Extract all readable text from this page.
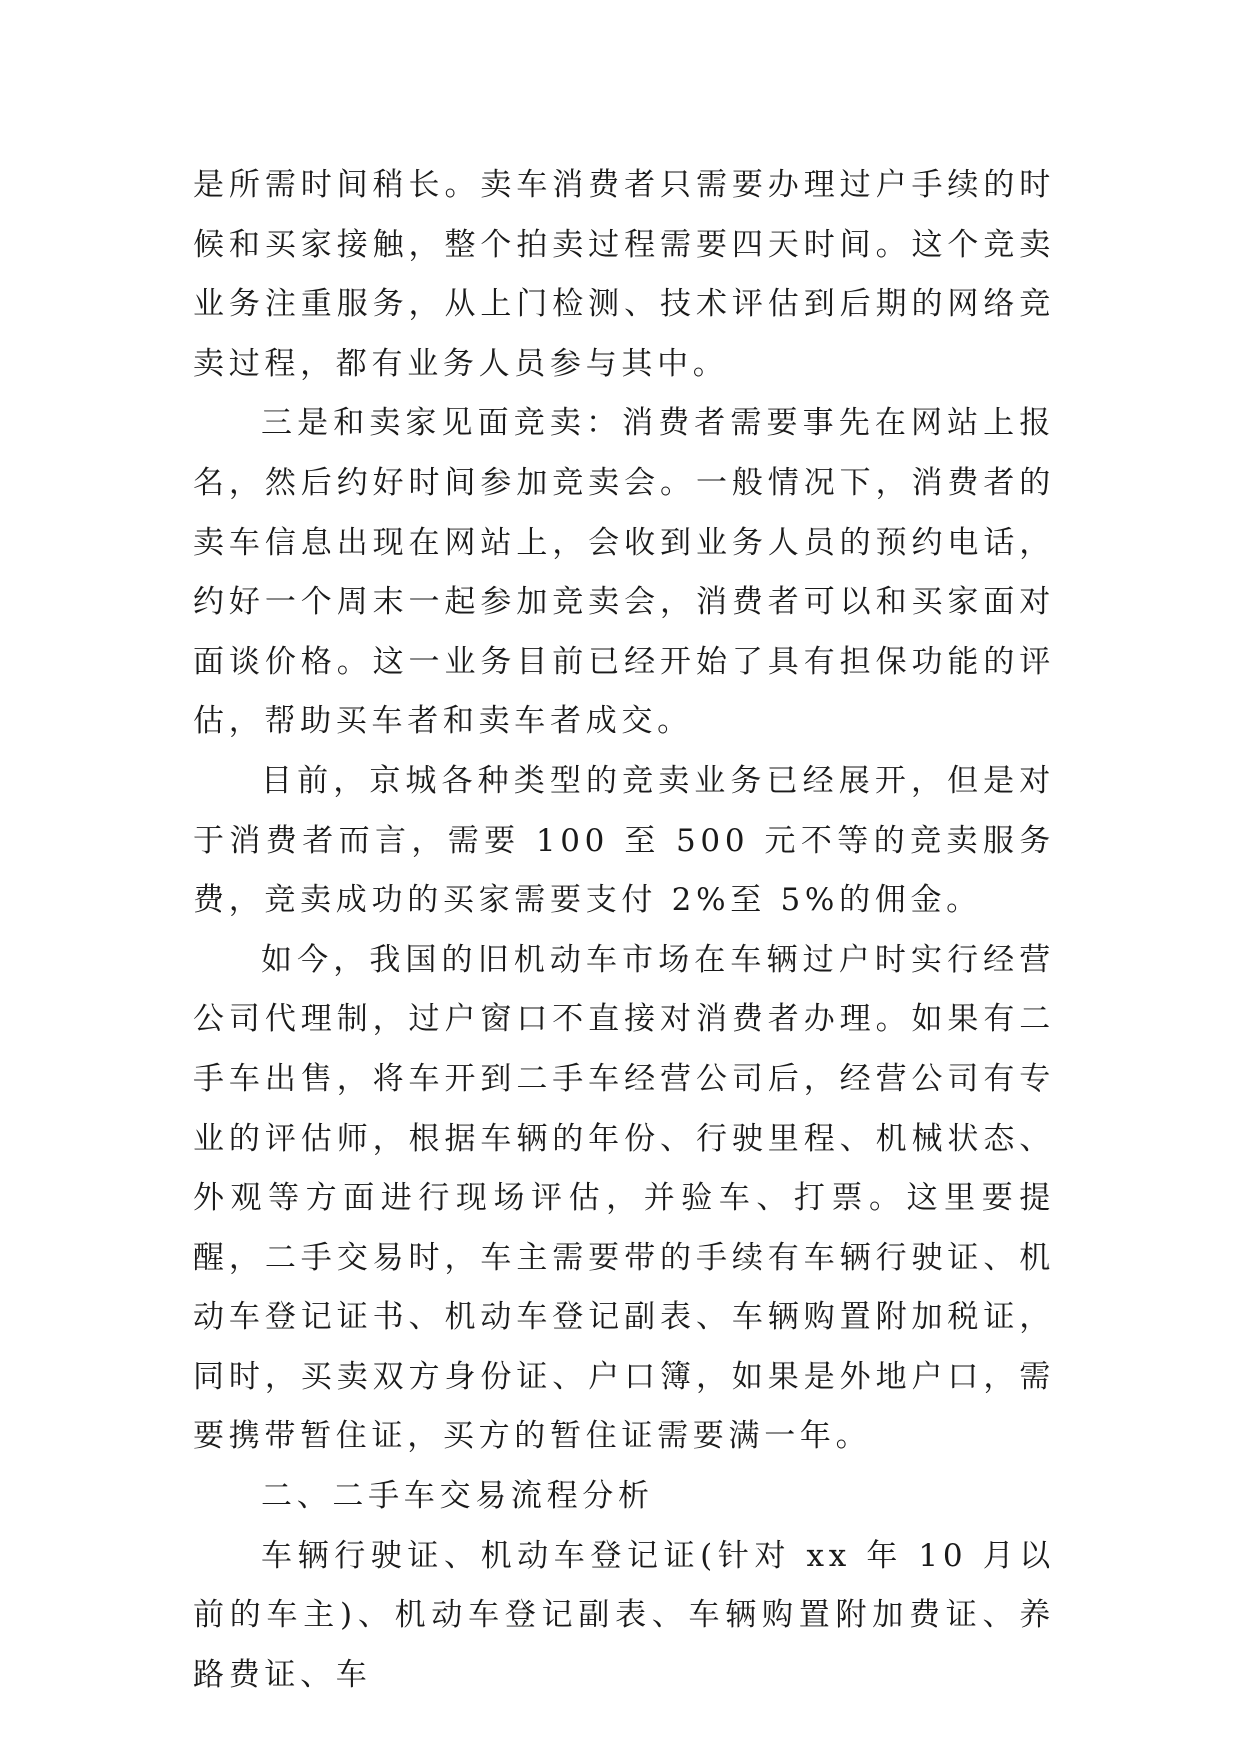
是所需时间稍长。卖车消费者只需要办理过户手续的时候和买家接触，整个拍卖过程需要四天时间。这个竞卖业务注重服务，从上门检测、技术评估到后期的网络竞卖过程，都有业务人员参与其中。

三是和卖家见面竞卖：消费者需要事先在网站上报名，然后约好时间参加竞卖会。一般情况下，消费者的卖车信息出现在网站上，会收到业务人员的预约电话，约好一个周末一起参加竞卖会，消费者可以和买家面对面谈价格。这一业务目前已经开始了具有担保功能的评估，帮助买车者和卖车者成交。

目前，京城各种类型的竞卖业务已经展开，但是对于消费者而言，需要 100 至 500 元不等的竞卖服务费，竞卖成功的买家需要支付 2%至 5%的佣金。

如今，我国的旧机动车市场在车辆过户时实行经营公司代理制，过户窗口不直接对消费者办理。如果有二手车出售，将车开到二手车经营公司后，经营公司有专业的评估师，根据车辆的年份、行驶里程、机械状态、外观等方面进行现场评估，并验车、打票。这里要提醒，二手交易时，车主需要带的手续有车辆行驶证、机动车登记证书、机动车登记副表、车辆购置附加税证，同时，买卖双方身份证、户口簿，如果是外地户口，需要携带暂住证，买方的暂住证需要满一年。

二、二手车交易流程分析

车辆行驶证、机动车登记证(针对 xx 年 10 月以前的车主)、机动车登记副表、车辆购置附加费证、养路费证、车
